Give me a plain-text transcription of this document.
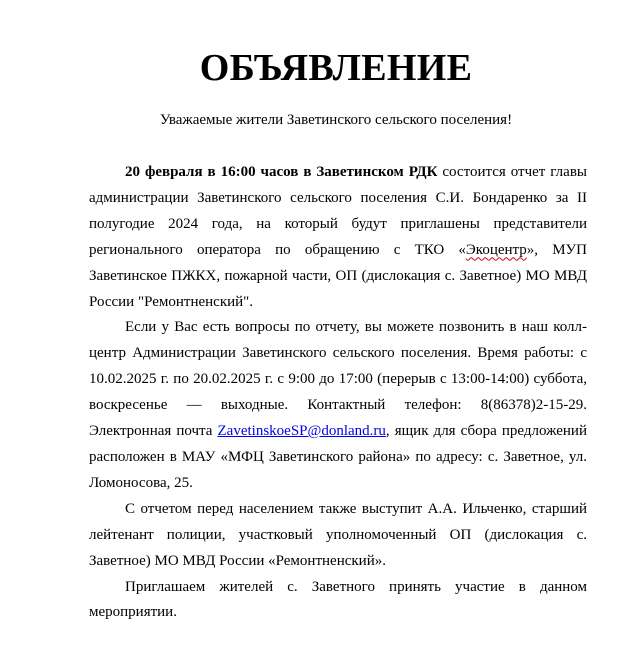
ОБЪЯВЛЕНИЕ
Уважаемые жители Заветинского сельского поселения!

20 февраля в 16:00 часов в Заветинском РДК состоится отчет главы администрации Заветинского сельского поселения С.И. Бондаренко за II полугодие 2024 года, на который будут приглашены представители регионального оператора по обращению с ТКО «Экоцентр», МУП Заветинское ПЖКХ, пожарной части, ОП (дислокация с. Заветное) МО МВД России "Ремонтненский".

Если у Вас есть вопросы по отчету, вы можете позвонить в наш колл-центр Администрации Заветинского сельского поселения. Время работы: с 10.02.2025 г. по 20.02.2025 г. с 9:00 до 17:00 (перерыв с 13:00-14:00) суббота, воскресенье — выходные. Контактный телефон: 8(86378)2-15-29. Электронная почта ZavetinskoeSP@donland.ru, ящик для сбора предложений расположен в МАУ «МФЦ Заветинского района» по адресу: с. Заветное, ул. Ломоносова, 25.

С отчетом перед населением также выступит А.А. Ильченко, старший лейтенант полиции, участковый уполномоченный ОП (дислокация с. Заветное) МО МВД России «Ремонтненский».

Приглашаем жителей с. Заветного принять участие в данном мероприятии.
